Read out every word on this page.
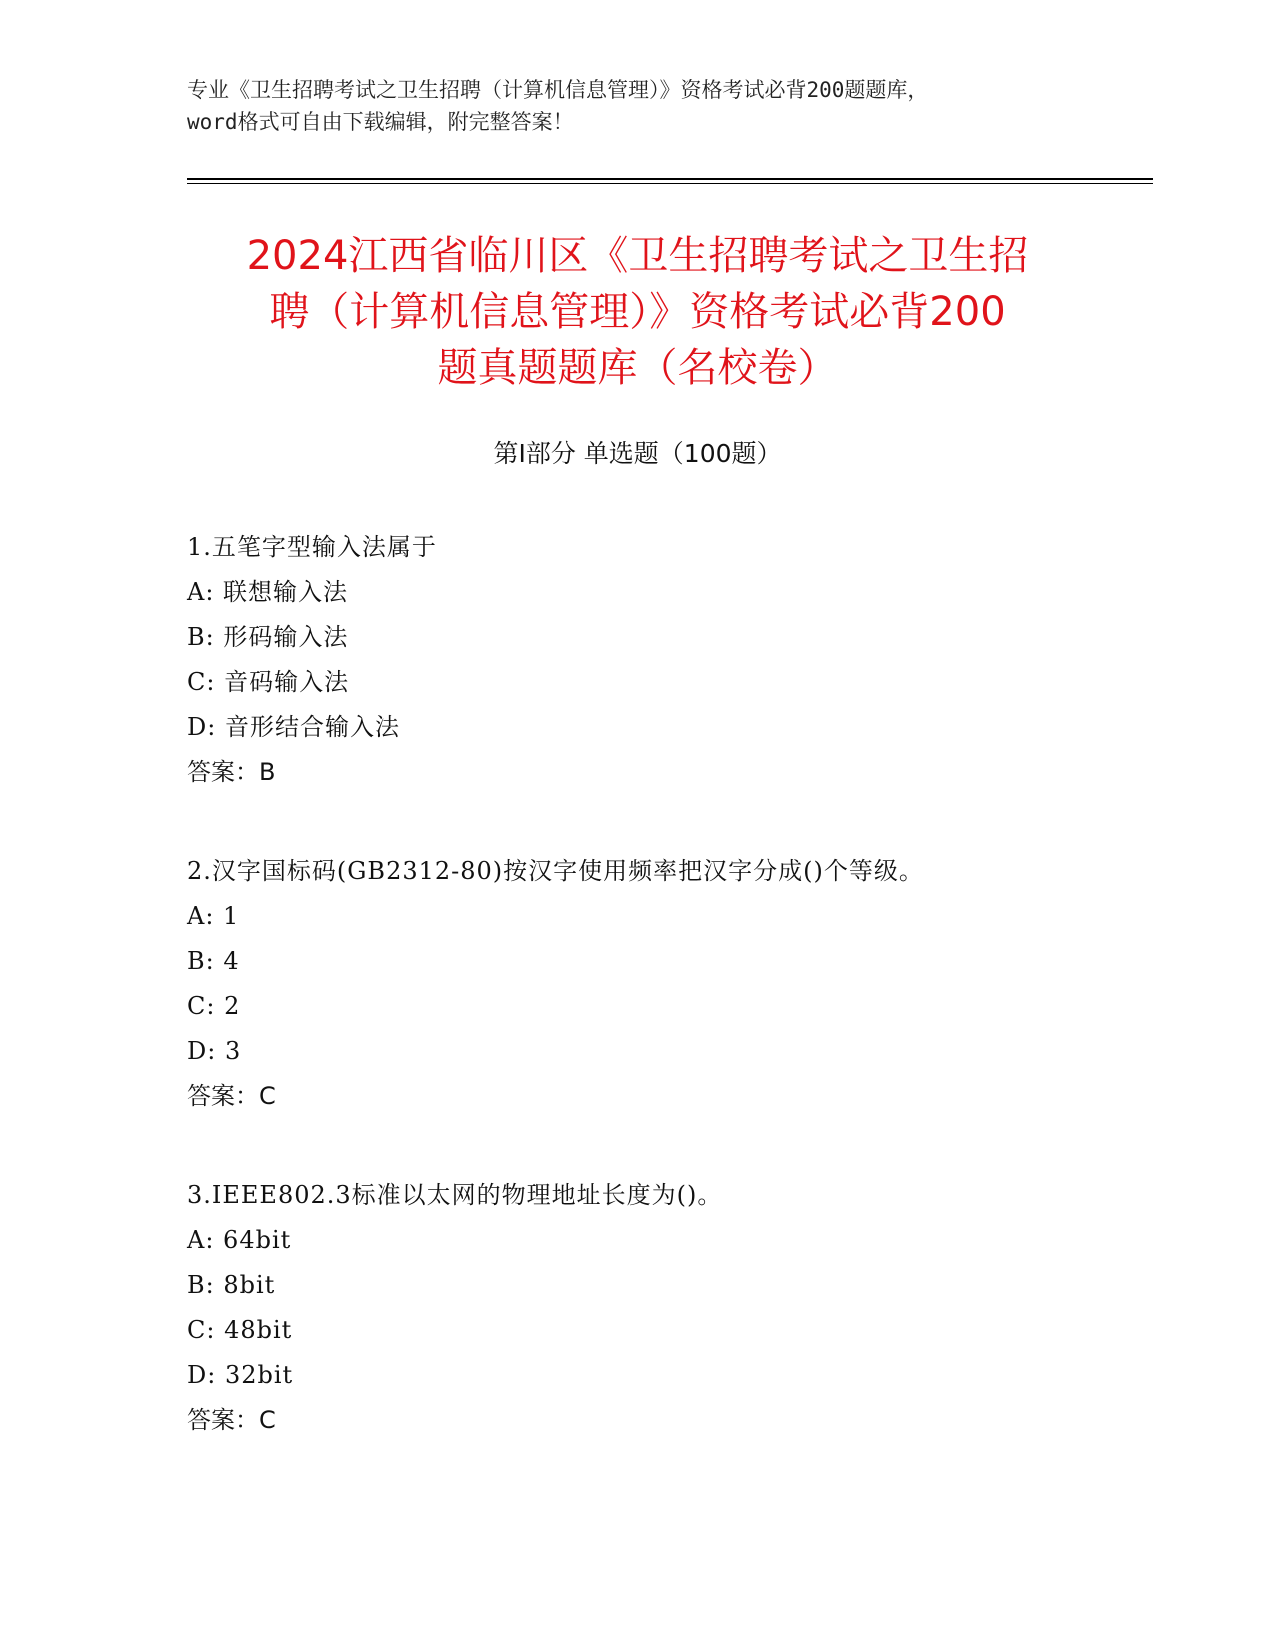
专业《卫生招聘考试之卫生招聘（计算机信息管理）》资格考试必背200题题库，
word格式可自由下载编辑，附完整答案！
2024江西省临川区《卫生招聘考试之卫生招
聘（计算机信息管理）》资格考试必背200
题真题题库（名校卷）
第Ⅰ部分 单选题（100题）
1.五笔字型输入法属于
A: 联想输入法
B: 形码输入法
C: 音码输入法
D: 音形结合输入法
答案：B
2.汉字国标码(GB2312-80)按汉字使用频率把汉字分成()个等级。
A: 1
B: 4
C: 2
D: 3
答案：C
3.IEEE802.3标准以太网的物理地址长度为()。
A: 64bit
B: 8bit
C: 48bit
D: 32bit
答案：C
